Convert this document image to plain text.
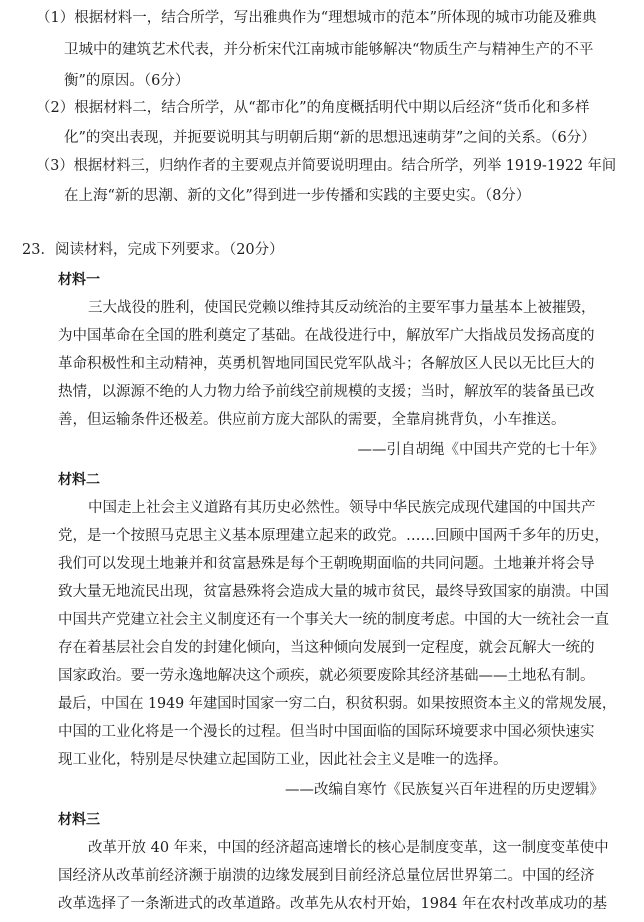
（1）根据材料一，结合所学，写出雅典作为“理想城市的范本”所体现的城市功能及雅典
卫城中的建筑艺术代表，并分析宋代江南城市能够解决“物质生产与精神生产的不平
衡”的原因。（6分）
（2）根据材料二，结合所学，从“都市化”的角度概括明代中期以后经济“货币化和多样
化”的突出表现，并扼要说明其与明朝后期“新的思想迅速萌芽”之间的关系。（6分）
（3）根据材料三，归纳作者的主要观点并简要说明理由。结合所学，列举 1919-1922 年间
在上海“新的思潮、新的文化”得到进一步传播和实践的主要史实。（8分）
23．阅读材料，完成下列要求。（20分）
材料一
三大战役的胜利，使国民党赖以维持其反动统治的主要军事力量基本上被摧毁，
为中国革命在全国的胜利奠定了基础。在战役进行中，解放军广大指战员发扬高度的
革命积极性和主动精神，英勇机智地同国民党军队战斗；各解放区人民以无比巨大的
热情，以源源不绝的人力物力给予前线空前规模的支援；当时，解放军的装备虽已改
善，但运输条件还极差。供应前方庞大部队的需要，全靠肩挑背负，小车推送。
——引自胡绳《中国共产党的七十年》
材料二
中国走上社会主义道路有其历史必然性。领导中华民族完成现代建国的中国共产
党，是一个按照马克思主义基本原理建立起来的政党。……回顾中国两千多年的历史，
我们可以发现土地兼并和贫富悬殊是每个王朝晚期面临的共同问题。土地兼并将会导
致大量无地流民出现，贫富悬殊将会造成大量的城市贫民，最终导致国家的崩溃。中国
中国共产党建立社会主义制度还有一个事关大一统的制度考虑。中国的大一统社会一直
存在着基层社会自发的封建化倾向，当这种倾向发展到一定程度，就会瓦解大一统的
国家政治。要一劳永逸地解决这个顽疾，就必须要废除其经济基础——土地私有制。
最后，中国在 1949 年建国时国家一穷二白，积贫积弱。如果按照资本主义的常规发展，
中国的工业化将是一个漫长的过程。但当时中国面临的国际环境要求中国必须快速实
现工业化，特别是尽快建立起国防工业，因此社会主义是唯一的选择。
——改编自寒竹《民族复兴百年进程的历史逻辑》
材料三
改革开放 40 年来，中国的经济超高速增长的核心是制度变革，这一制度变革使中
国经济从改革前经济濒于崩溃的边缘发展到目前经济总量位居世界第二。中国的经济
改革选择了一条渐进式的改革道路。改革先从农村开始，1984 年在农村改革成功的基
